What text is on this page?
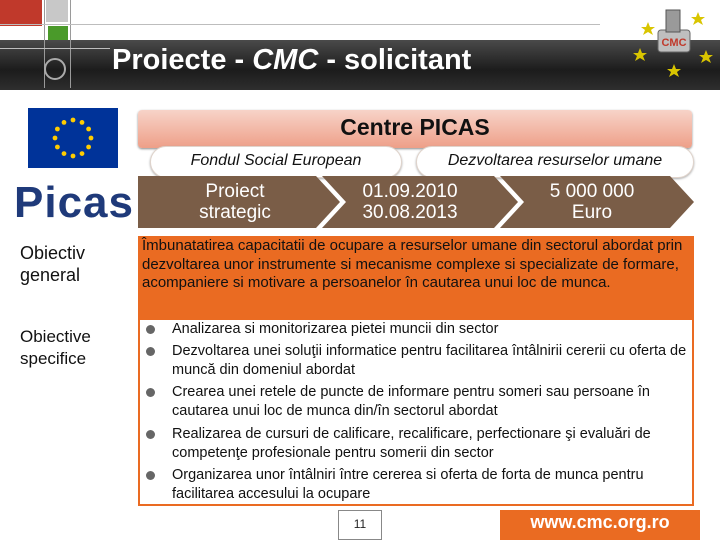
Proiecte - CMC - solicitant
CMC
Picas
Centre PICAS
Fondul Social European	Dezvoltarea resurselor umane
Proiect
strategic
01.09.2010
30.08.2013
5 000 000
Euro
Obiectiv
general
Obiective
specifice
Îmbunatatirea capacitatii de ocupare a resurselor umane din sectorul abordat prin dezvoltarea unor instrumente si mecanisme complexe si specializate de formare, acompaniere si motivare a persoanelor în cautarea unui loc de munca.
Analizarea si monitorizarea pietei muncii din sector
Dezvoltarea unei soluţii informatice pentru facilitarea întâlnirii cererii cu oferta de muncă din domeniul abordat
Crearea unei retele de puncte de informare pentru someri sau persoane în cautarea unui loc de munca din/în sectorul abordat
Realizarea de cursuri de calificare, recalificare, perfectionare şi evaluări de competenţe profesionale pentru somerii din sector
Organizarea unor întâlniri între cererea si oferta de forta de munca pentru facilitarea accesului la ocupare
11	www.cmc.org.ro
